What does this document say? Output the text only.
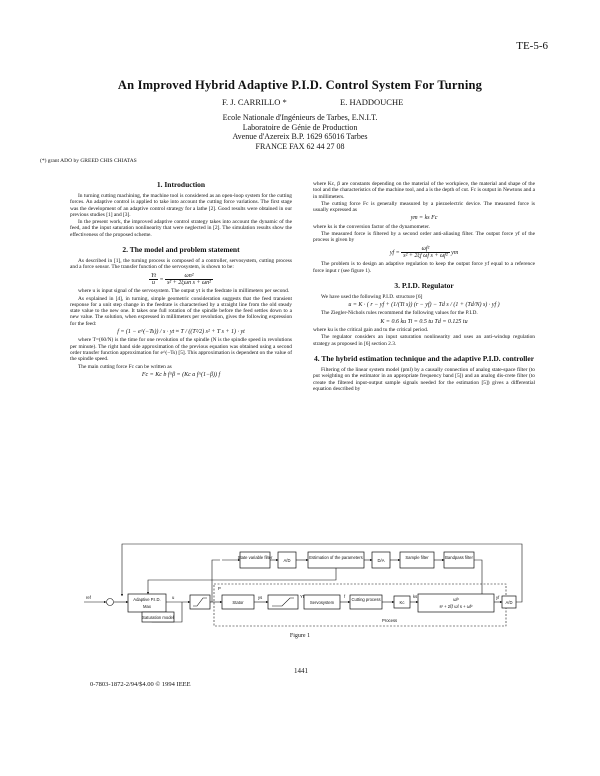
TE-5-6
An Improved Hybrid Adaptive P.I.D. Control System For Turning
F. J. CARRILLO *	E. HADDOUCHE
Ecole Nationale d'Ingénieurs de Tarbes, E.N.I.T.
Laboratoire de Génie de Production
Avenue d'Azereix B.P. 1629 65016 Tarbes
FRANCE FAX 62 44 27 08
(*) grant ADO by GREED CHIS CHIATAS
1. Introduction

In turning cutting machining, the machine tool is considered as an open-loop system for the cutting forces. An adaptive control is applied to take into account the cutting force variations. The first stage was the development of an adaptive control strategy for a lathe [2]. Good results were obtained in our previous studies [1] and [3].

In the present work, the improved adaptive control strategy takes into account the dynamic of the feed, and the input saturation nonlinearity that were neglected in [2]. The simulation results show the effectiveness of the proposed scheme.

2. The model and problem statement

As described in [1], the turning process is composed of a controller, servosystem, cutting process and a force sensor. The transfer function of the servosystem, is shown to be:

$\frac{Yt}{u} = \frac{\text{ωn²}}{\text{s² + 2ξωn s + ωn²}}$

where u is input signal of the servosystem. The output yt is the feedrate in millimeters per second.

As explained in [4], in turning, simple geometric consideration suggests that the feed transient response for a unit step change in the feedrate is characterised by a straight line from the old steady state value to the new one. It takes one full rotation of the spindle before the feed settles down to a new value. The solution, when expressed in millimeters per revolution, gives the following expression for the feed:

f = (1 − e^(−Ts)) / s · yt ≈ T / ((T²/2) s² + T s + 1) · yt

where T=(60/N) is the time for one revolution of the spindle (N is the spindle speed in revolutions per minute). The right hand side approximation of the previous equation was obtained using a second order transfer function approximation for e^(−Ts) [5]. This approximation is dependent on the value of the spindle speed.

The main cutting force Fc can be written as

Fc = Kc b f^β = (Kc a f^(1−β)) f

where Kc, β are constants depending on the material of the workpiece, the material and shape of the tool and the characteristics of the machine tool, and a is the depth of cut. Fc is output in Newtons and a in millimeters.

The cutting force Fc is generally measured by a piezoelectric device. The measured force is usually expressed as

ym = ks Fc

where ks is the conversion factor of the dynamometer.

The measured force is filtered by a second order anti-aliasing filter. The output force yf of the process is given by

yf = $\frac{\text{ωf²}}{\text{s² + 2ξf ωf s + ωf²}}$ ym

The problem is to design an adaptive regulation to keep the output force yf equal to a reference force input r (see figure 1).

3. P.I.D. Regulator

We have used the following P.I.D. structure [6]

u = K · ( r − yf + (1/(Ti s)) (r − yf) − Td s / (1 + (Td/N) s) · yf )

The Ziegler-Nichols rules recommend the following values for the P.I.D.

K = 0.6 ku Ti = 0.5 tu Td = 0.125 tu

where ku is the critical gain and tu the critical period.

The regulator considers an input saturation nonlinearity and uses an anti-windup regulation strategy as proposed in [6] section 2.3.

4. The hybrid estimation technique and the adaptive P.I.D. controller

Filtering of the linear system model (pml) by a causally connection of analog state-space filter (to put weighting on the estimator in an appropriate frequency band [5]) and an analog dis-crete filter (to create the filtered input-output sample signals needed for the estimation [5]) gives a differential equation described by

Adaptive P.I.D.
Max
Saturation model
Stator	Servosystem
Cutting process
Kc
ωf²
s² + 2ξf ωf s + ωf²
A/D
State variable filter
A/D
Estimation of the parameters
D/A
Sample filter	Bandpass filter
f
Yt	ks
Process
P
ref	u	ys	yf
Figure 1
1441
0-7803-1872-2/94/$4.00 © 1994 IEEE
